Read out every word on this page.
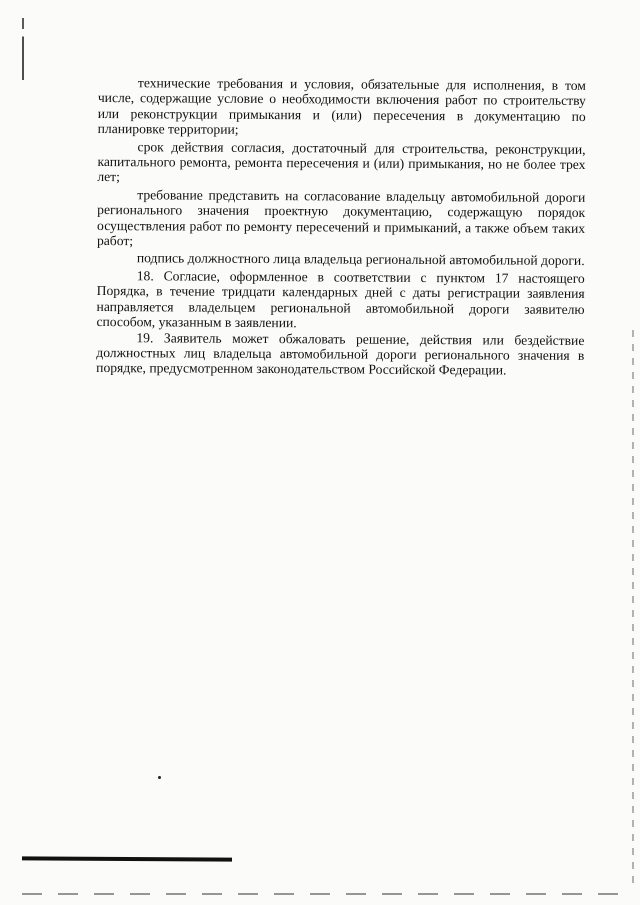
технические требования и условия, обязательные для исполнения, в том числе, содержащие условие о необходимости включения работ по строительству или реконструкции примыкания и (или) пересечения в документацию по планировке территории;

срок действия согласия, достаточный для строительства, реконструкции, капитального ремонта, ремонта пересечения и (или) примыкания, но не более трех лет;

требование представить на согласование владельцу автомобильной дороги регионального значения проектную документацию, содержащую порядок осуществления работ по ремонту пересечений и примыканий, а также объем таких работ;

подпись должностного лица владельца региональной автомобильной дороги.

18. Согласие, оформленное в соответствии с пунктом 17 настоящего Порядка, в течение тридцати календарных дней с даты регистрации заявления направляется владельцем региональной автомобильной дороги заявителю способом, указанным в заявлении.

19. Заявитель может обжаловать решение, действия или бездействие должностных лиц владельца автомобильной дороги регионального значения в порядке, предусмотренном законодательством Российской Федерации.
